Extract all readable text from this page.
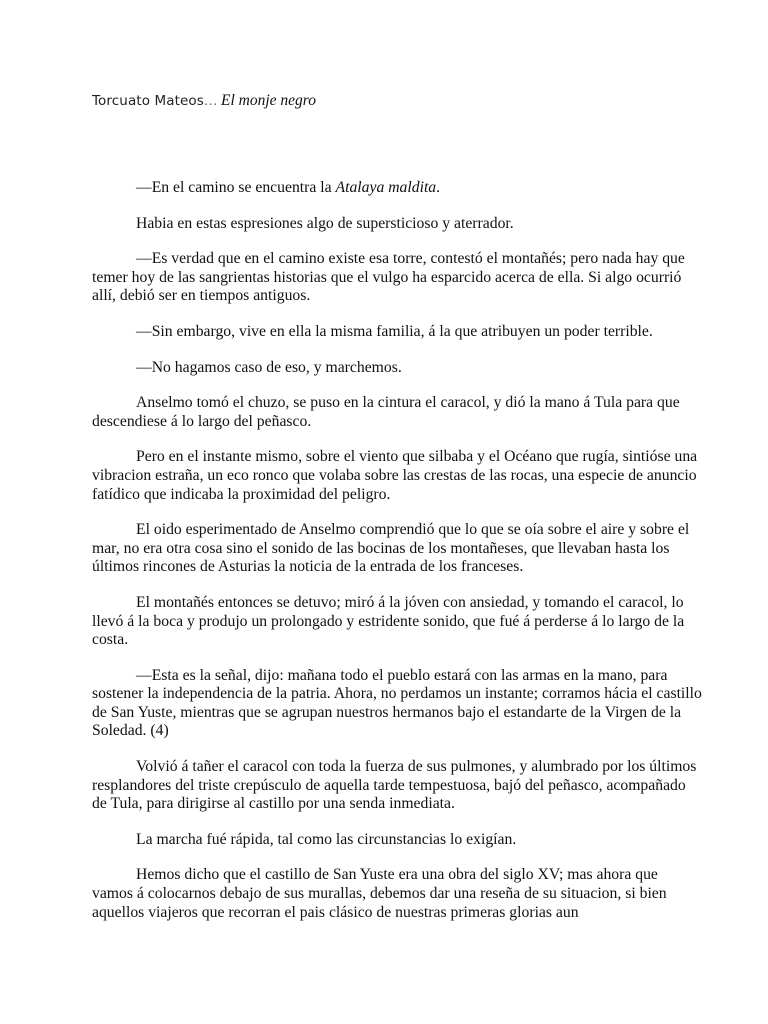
Torcuato Mateos… El monje negro

—En el camino se encuentra la Atalaya maldita.

Habia en estas espresiones algo de supersticioso y aterrador.

—Es verdad que en el camino existe esa torre, contestó el montañés; pero nada hay que
temer hoy de las sangrientas historias que el vulgo ha esparcido acerca de ella. Si algo ocurrió
allí, debió ser en tiempos antiguos.

—Sin embargo, vive en ella la misma familia, á la que atribuyen un poder terrible.

—No hagamos caso de eso, y marchemos.

Anselmo tomó el chuzo, se puso en la cintura el caracol, y dió la mano á Tula para que
descendiese á lo largo del peñasco.

Pero en el instante mismo, sobre el viento que silbaba y el Océano que rugía, sintióse una
vibracion estraña, un eco ronco que volaba sobre las crestas de las rocas, una especie de anuncio
fatídico que indicaba la proximidad del peligro.

El oido esperimentado de Anselmo comprendió que lo que se oía sobre el aire y sobre el
mar, no era otra cosa sino el sonido de las bocinas de los montañeses, que llevaban hasta los
últimos rincones de Asturias la noticia de la entrada de los franceses.

El montañés entonces se detuvo; miró á la jóven con ansiedad, y tomando el caracol, lo
llevó á la boca y produjo un prolongado y estridente sonido, que fué á perderse á lo largo de la
costa.

—Esta es la señal, dijo: mañana todo el pueblo estará con las armas en la mano, para
sostener la independencia de la patria. Ahora, no perdamos un instante; corramos hácia el castillo
de San Yuste, mientras que se agrupan nuestros hermanos bajo el estandarte de la Virgen de la
Soledad. (4)

Volvió á tañer el caracol con toda la fuerza de sus pulmones, y alumbrado por los últimos
resplandores del triste crepúsculo de aquella tarde tempestuosa, bajó del peñasco, acompañado
de Tula, para dirigirse al castillo por una senda inmediata.

La marcha fué rápida, tal como las circunstancias lo exigían.

Hemos dicho que el castillo de San Yuste era una obra del siglo XV; mas ahora que
vamos á colocarnos debajo de sus murallas, debemos dar una reseña de su situacion, si bien
aquellos viajeros que recorran el pais clásico de nuestras primeras glorias aun
